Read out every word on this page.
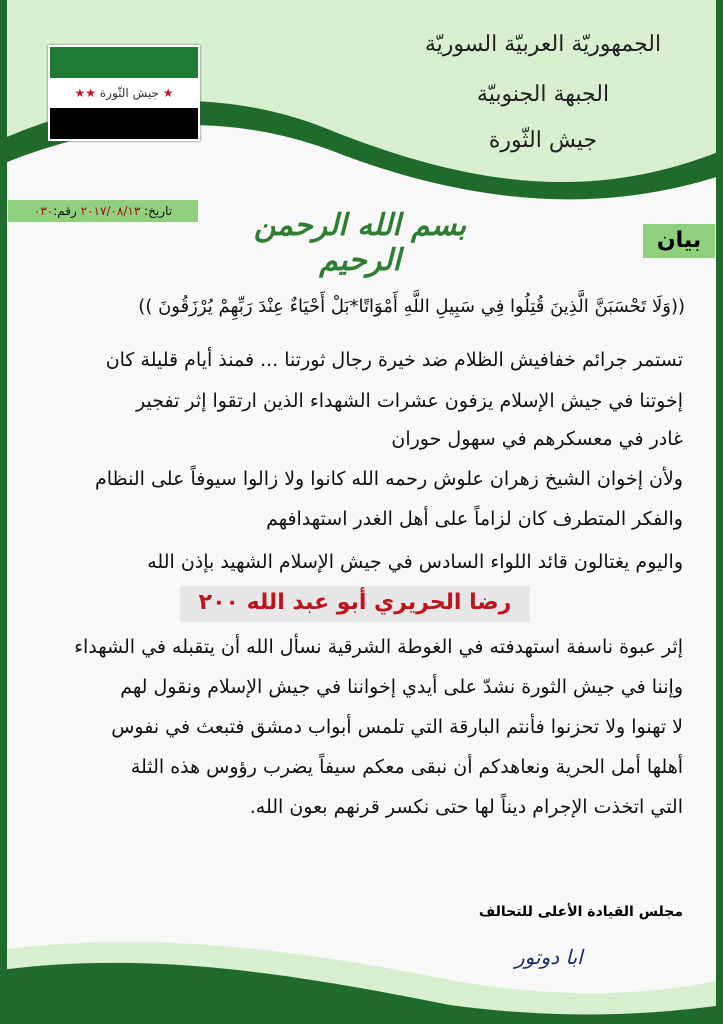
الجمهوريّة العربيّة السوريّة
الجبهة الجنوبيّة
جيش الثّورة
★ جيش الثّورة ★★
تاريخ: ٢٠١٧/٠٨/١٣ رقم:٠٣٠
بيان
بسم الله الرحمن الرحيم
((وَلَا تَحْسَبَنَّ الَّذِينَ قُتِلُوا فِي سَبِيلِ اللَّهِ أَمْوَاتًا*بَلْ أَحْيَاءٌ عِنْدَ رَبِّهِمْ يُرْزَقُونَ ))
تستمر جرائم خفافيش الظلام ضد خيرة رجال ثورتنا ... فمنذ أيام قليلة كان
إخوتنا في جيش الإسلام يزفون عشرات الشهداء الذين ارتقوا إثر تفجير
غادر في معسكرهم في سهول حوران
ولأن إخوان الشيخ زهران علوش رحمه الله كانوا ولا زالوا سيوفاً على النظام
والفكر المتطرف كان لزاماً على أهل الغدر استهدافهم
واليوم يغتالون قائد اللواء السادس في جيش الإسلام الشهيد بإذن الله
رضا الحريري أبو عبد الله ٢٠٠
إثر عبوة ناسفة استهدفته في الغوطة الشرقية نسأل الله أن يتقبله في الشهداء
وإننا في جيش الثورة نشدّ على أيدي إخواننا في جيش الإسلام ونقول لهم
لا تهنوا ولا تحزنوا فأنتم البارقة التي تلمس أبواب دمشق فتبعث في نفوس
أهلها أمل الحرية ونعاهدكم أن نبقى معكم سيفاً يضرب رؤوس هذه الثلة
التي اتخذت الإجرام ديناً لها حتى نكسر قرنهم بعون الله.
مجلس القيادة الأعلى للتحالف
ابا دوتور
